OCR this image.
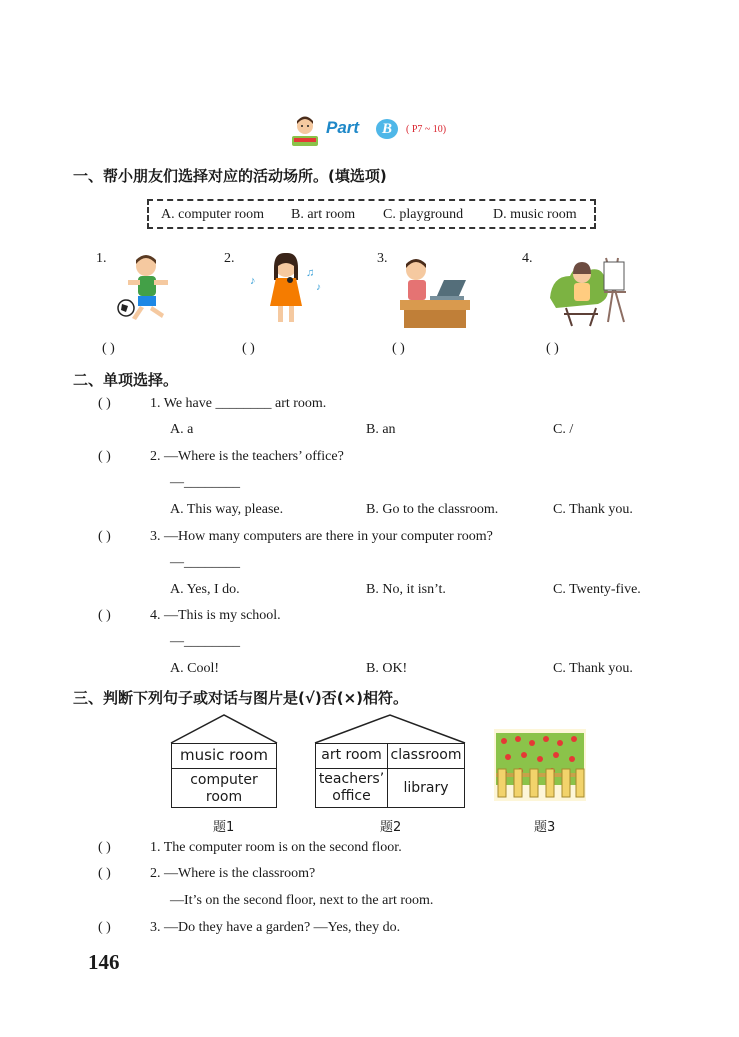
Part	B	( P7 ~ 10)
一、帮小朋友们选择对应的活动场所。(填选项)
A. computer room B. art room C. playground D. music room
1.	2.	3.	4.
♪
♫
♪
( )	( )	( )	( )
二、单项选择。
( )	1. We have ________ art room.
A. a	B. an	C. /
( )	2. —Where is the teachers’ office?
—________
A. This way, please.	B. Go to the classroom.	C. Thank you.
( )	3. —How many computers are there in your computer room?
—________
A. Yes, I do.	B. No, it isn’t.	C. Twenty-five.
( )	4. —This is my school.
—________
A. Cool!	B. OK!	C. Thank you.
三、判断下列句子或对话与图片是(√)否(×)相符。
music room
computer room
题1
art room classroom
teachers’ office	library
题2	题3
( )	1. The computer room is on the second floor.
( )	2. —Where is the classroom?
—It’s on the second floor, next to the art room.
( )	3. —Do they have a garden? —Yes, they do.
146
